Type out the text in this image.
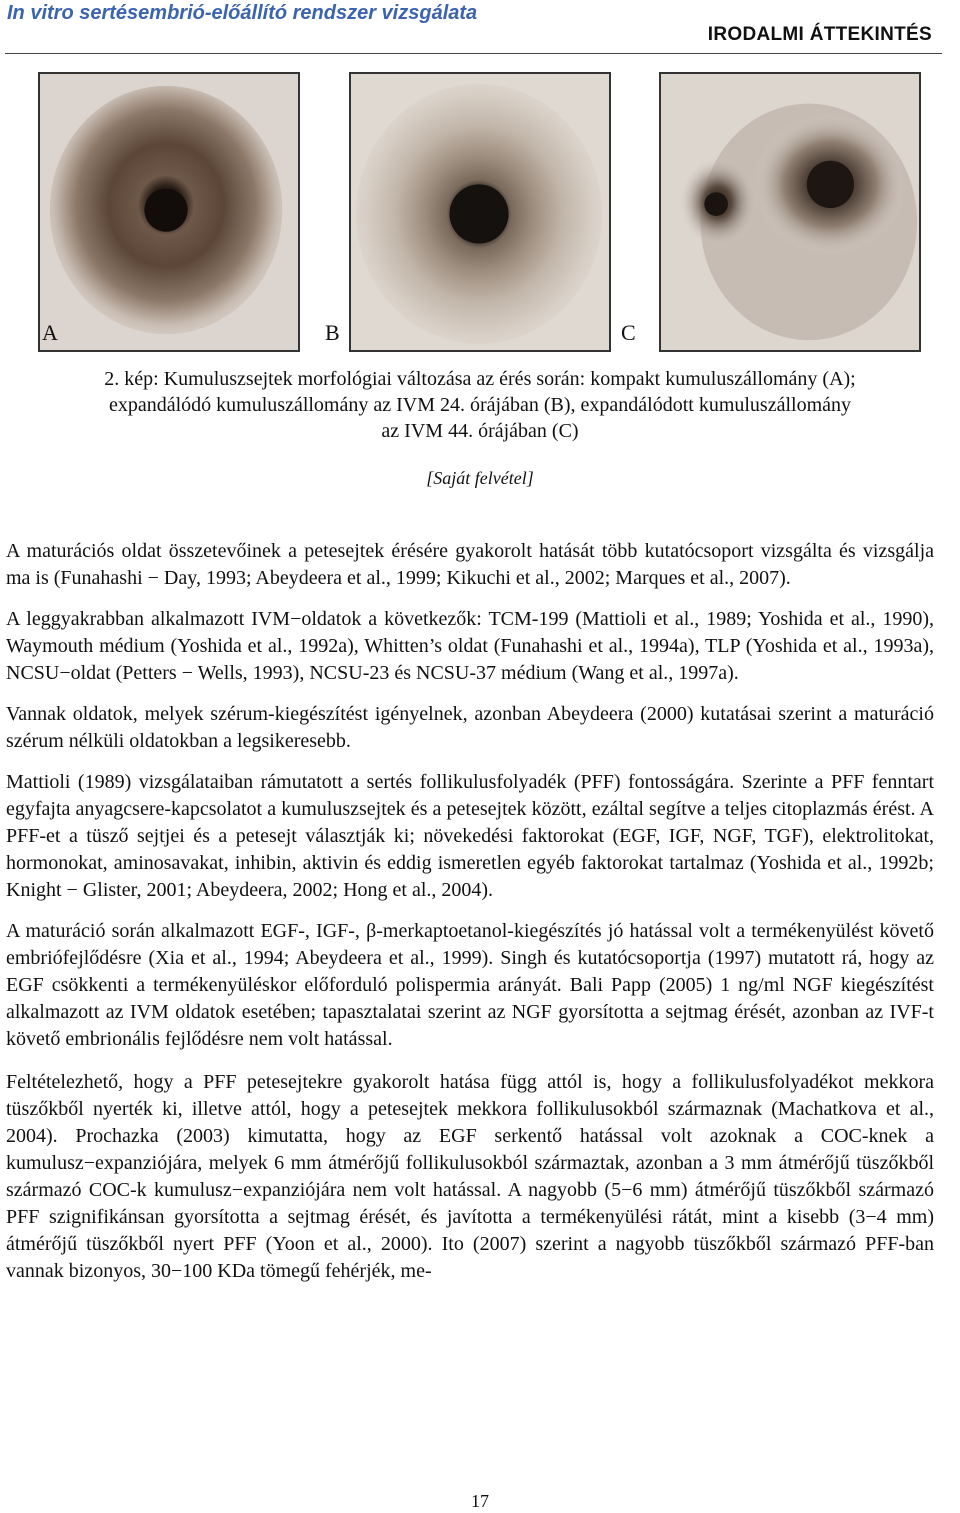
In vitro sertésembrió-előállító rendszer vizsgálata
IRODALMI ÁTTEKINTÉS
A	B	C
2. kép: Kumuluszsejtek morfológiai változása az érés során: kompakt kumuluszállomány (A);
expandálódó kumuluszállomány az IVM 24. órájában (B), expandálódott kumuluszállomány
az IVM 44. órájában (C)
[Saját felvétel]

A maturációs oldat összetevőinek a petesejtek érésére gyakorolt hatását több kutatócsoport vizsgálta és vizsgálja ma is (Funahashi − Day, 1993; Abeydeera et al., 1999; Kikuchi et al., 2002; Marques et al., 2007).

A leggyakrabban alkalmazott IVM−oldatok a következők: TCM-199 (Mattioli et al., 1989; Yoshida et al., 1990), Waymouth médium (Yoshida et al., 1992a), Whitten’s oldat (Funahashi et al., 1994a), TLP (Yoshida et al., 1993a), NCSU−oldat (Petters − Wells, 1993), NCSU-23 és NCSU-37 médium (Wang et al., 1997a).

Vannak oldatok, melyek szérum-kiegészítést igényelnek, azonban Abeydeera (2000) kutatásai szerint a maturáció szérum nélküli oldatokban a legsikeresebb.

Mattioli (1989) vizsgálataiban rámutatott a sertés follikulusfolyadék (PFF) fontosságára. Szerinte a PFF fenntart egyfajta anyagcsere-kapcsolatot a kumuluszsejtek és a petesejtek között, ezáltal segítve a teljes citoplazmás érést. A PFF-et a tüsző sejtjei és a petesejt választják ki; növekedési faktorokat (EGF, IGF, NGF, TGF), elektrolitokat, hormonokat, aminosavakat, inhibin, aktivin és eddig ismeretlen egyéb faktorokat tartalmaz (Yoshida et al., 1992b; Knight − Glister, 2001; Abeydeera, 2002; Hong et al., 2004).

A maturáció során alkalmazott EGF-, IGF-, β-merkaptoetanol-kiegészítés jó hatással volt a termékenyülést követő embriófejlődésre (Xia et al., 1994; Abeydeera et al., 1999). Singh és kutatócsoportja (1997) mutatott rá, hogy az EGF csökkenti a termékenyüléskor előforduló polispermia arányát. Bali Papp (2005) 1 ng/ml NGF kiegészítést alkalmazott az IVM oldatok esetében; tapasztalatai szerint az NGF gyorsította a sejtmag érését, azonban az IVF-t követő embrionális fejlődésre nem volt hatással.

Feltételezhető, hogy a PFF petesejtekre gyakorolt hatása függ attól is, hogy a follikulusfolyadékot mekkora tüszőkből nyerték ki, illetve attól, hogy a petesejtek mekkora follikulusokból származnak (Machatkova et al., 2004). Prochazka (2003) kimutatta, hogy az EGF serkentő hatással volt azoknak a COC-knek a kumulusz−expanziójára, melyek 6 mm átmérőjű follikulusokból származtak, azonban a 3 mm átmérőjű tüszőkből származó COC-k kumulusz−expanziójára nem volt hatással. A nagyobb (5−6 mm) átmérőjű tüszőkből származó PFF szignifikánsan gyorsította a sejtmag érését, és javította a termékenyülési rátát, mint a kisebb (3−4 mm) átmérőjű tüszőkből nyert PFF (Yoon et al., 2000). Ito (2007) szerint a nagyobb tüszőkből származó PFF-ban vannak bizonyos, 30−100 KDa tömegű fehérjék, me-

17
